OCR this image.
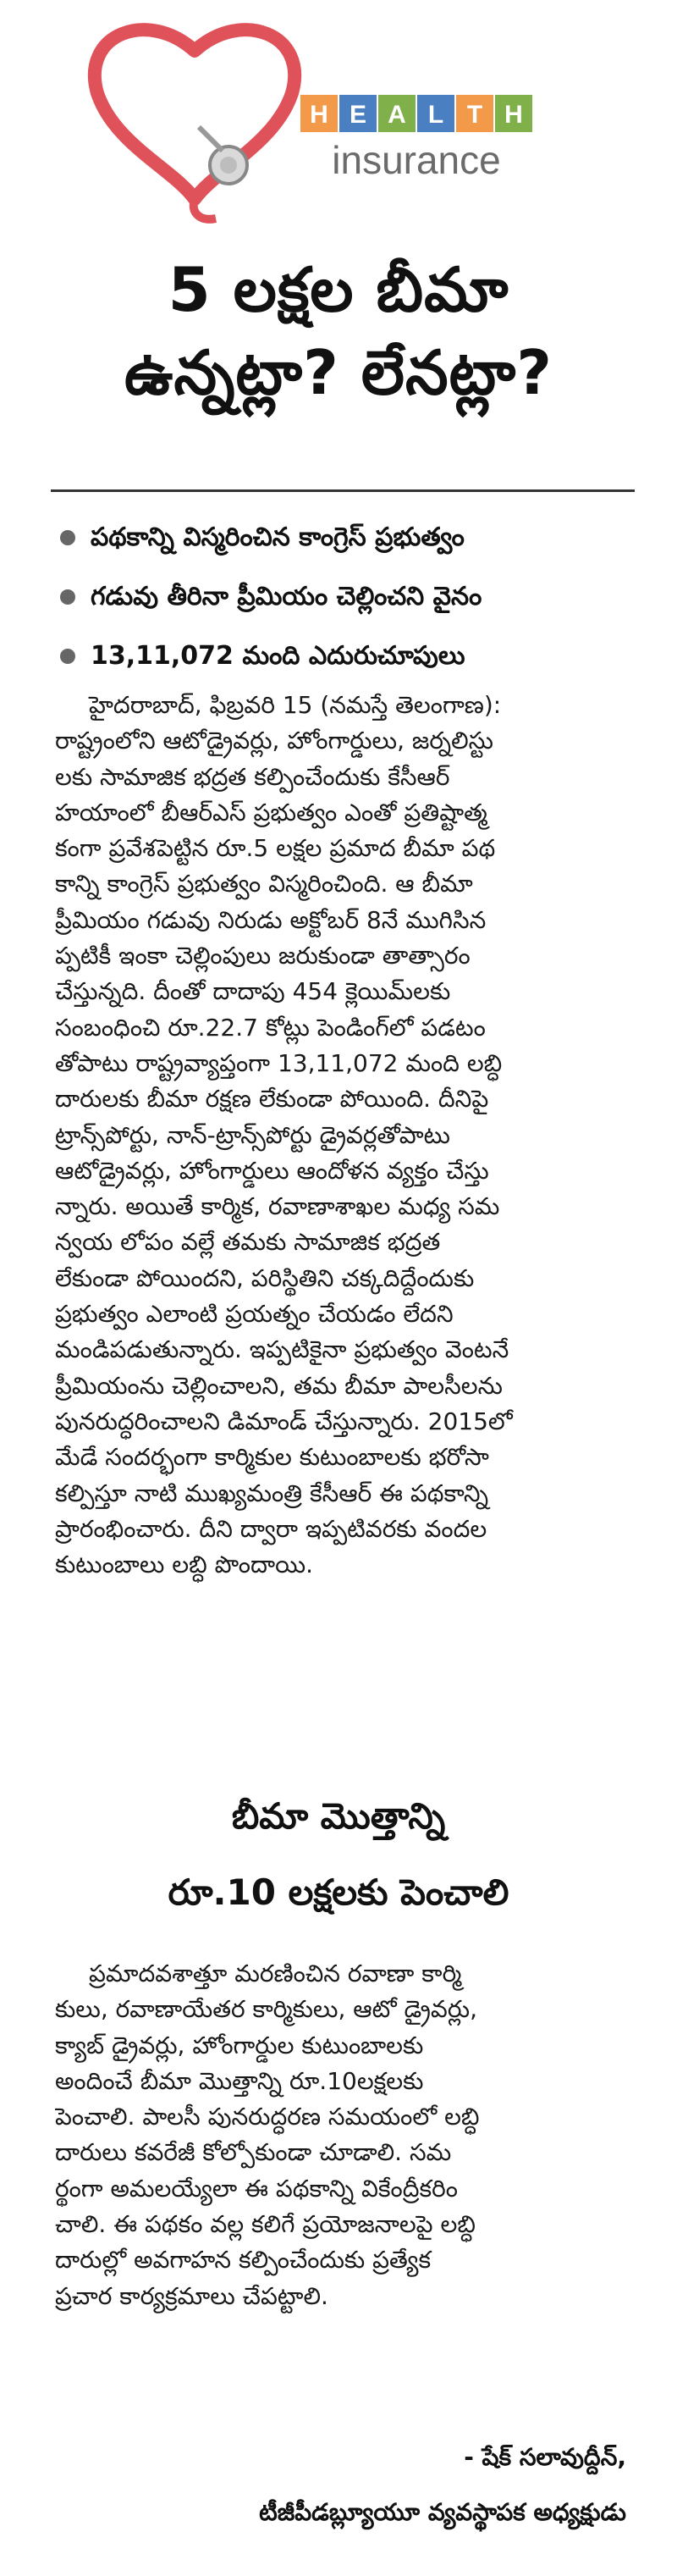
H E A L T H
insurance
5 లక్షల బీమా
ఉన్నట్లా? లేనట్లా?
పథకాన్ని విస్మరించిన కాంగ్రెస్ ప్రభుత్వం
గడువు తీరినా ప్రీమియం చెల్లించని వైనం
13,11,072 మంది ఎదురుచూపులు
హైదరాబాద్, ఫిబ్రవరి 15 (నమస్తే తెలంగాణ):
రాష్ట్రంలోని ఆటోడ్రైవర్లు, హోంగార్డులు, జర్నలిస్టు
లకు సామాజిక భద్రత కల్పించేందుకు కేసీఆర్
హయాంలో బీఆర్ఎస్ ప్రభుత్వం ఎంతో ప్రతిష్టాత్మ
కంగా ప్రవేశపెట్టిన రూ.5 లక్షల ప్రమాద బీమా పథ
కాన్ని కాంగ్రెస్ ప్రభుత్వం విస్మరించింది. ఆ బీమా
ప్రీమియం గడువు నిరుడు అక్టోబర్ 8నే ముగిసిన
ప్పటికీ ఇంకా చెల్లింపులు జరుకుండా తాత్సారం
చేస్తున్నది. దీంతో దాదాపు 454 క్లెయిమ్‌లకు
సంబంధించి రూ.22.7 కోట్లు పెండింగ్‌లో పడటం
తోపాటు రాష్ట్రవ్యాప్తంగా 13,11,072 మంది లబ్ధి
దారులకు బీమా రక్షణ లేకుండా పోయింది. దీనిపై
ట్రాన్స్‌పోర్టు, నాన్-ట్రాన్స్‌పోర్టు డ్రైవర్లతోపాటు
ఆటోడ్రైవర్లు, హోంగార్డులు ఆందోళన వ్యక్తం చేస్తు
న్నారు. అయితే కార్మిక, రవాణాశాఖల మధ్య సమ
న్వయ లోపం వల్లే తమకు సామాజిక భద్రత
లేకుండా పోయిందని, పరిస్థితిని చక్కదిద్దేందుకు
ప్రభుత్వం ఎలాంటి ప్రయత్నం చేయడం లేదని
మండిపడుతున్నారు. ఇప్పటికైనా ప్రభుత్వం వెంటనే
ప్రీమియంను చెల్లించాలని, తమ బీమా పాలసీలను
పునరుద్ధరించాలని డిమాండ్ చేస్తున్నారు. 2015లో
మేడే సందర్భంగా కార్మికుల కుటుంబాలకు భరోసా
కల్పిస్తూ నాటి ముఖ్యమంత్రి కేసీఆర్ ఈ పథకాన్ని
ప్రారంభించారు. దీని ద్వారా ఇప్పటివరకు వందల
కుటుంబాలు లబ్ధి పొందాయి.
బీమా మొత్తాన్ని
రూ.10 లక్షలకు పెంచాలి
ప్రమాదవశాత్తూ మరణించిన రవాణా కార్మి
కులు, రవాణాయేతర కార్మికులు, ఆటో డ్రైవర్లు,
క్యాబ్ డ్రైవర్లు, హోంగార్డుల కుటుంబాలకు
అందించే బీమా మొత్తాన్ని రూ.10లక్షలకు
పెంచాలి. పాలసీ పునరుద్ధరణ సమయంలో లబ్ధి
దారులు కవరేజీ కోల్పోకుండా చూడాలి. సమ
ర్థంగా అమలయ్యేలా ఈ పథకాన్ని వికేంద్రీకరిం
చాలి. ఈ పథకం వల్ల కలిగే ప్రయోజనాలపై లబ్ధి
దారుల్లో అవగాహన కల్పించేందుకు ప్రత్యేక
ప్రచార కార్యక్రమాలు చేపట్టాలి.
- షేక్ సలావుద్దీన్,
టీజీపీడబ్ల్యూయూ వ్యవస్థాపక అధ్యక్షుడు
